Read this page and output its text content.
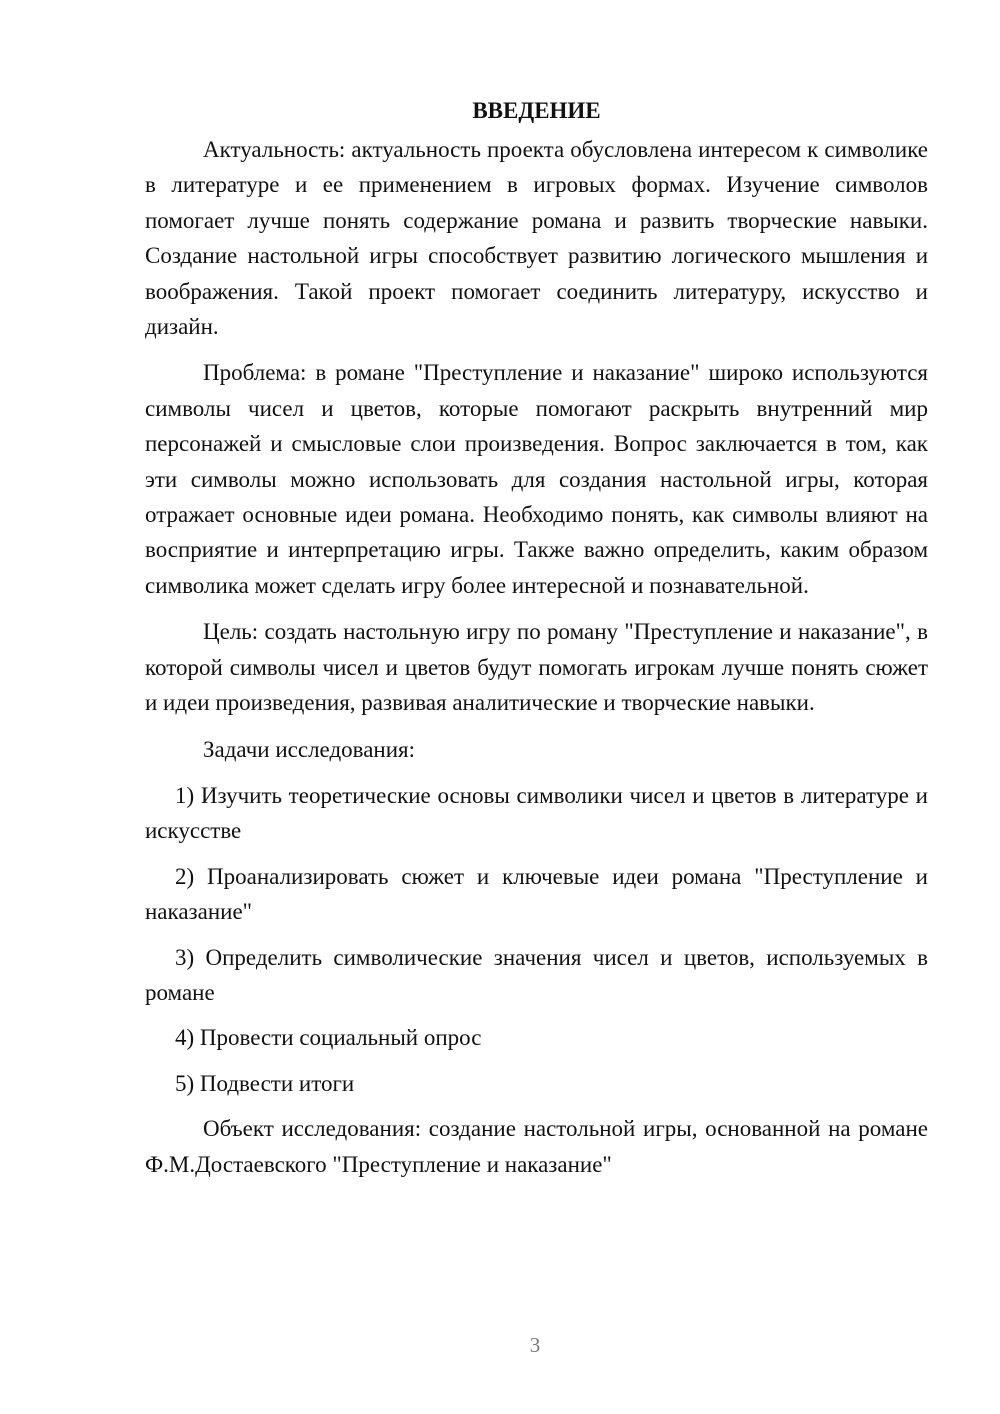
ВВЕДЕНИЕ

Актуальность: актуальность проекта обусловлена интересом к символике в литературе и ее применением в игровых формах. Изучение символов помогает лучше понять содержание романа и развить творческие навыки. Создание настольной игры способствует развитию логического мышления и воображения. Такой проект помогает соединить литературу, искусство и дизайн.

Проблема: в романе "Преступление и наказание" широко используются символы чисел и цветов, которые помогают раскрыть внутренний мир персонажей и смысловые слои произведения. Вопрос заключается в том, как эти символы можно использовать для создания настольной игры, которая отражает основные идеи романа. Необходимо понять, как символы влияют на восприятие и интерпретацию игры. Также важно определить, каким образом символика может сделать игру более интересной и познавательной.

Цель: создать настольную игру по роману "Преступление и наказание", в которой символы чисел и цветов будут помогать игрокам лучше понять сюжет и идеи произведения, развивая аналитические и творческие навыки.

Задачи исследования:

1) Изучить теоретические основы символики чисел и цветов в литературе и искусстве

2) Проанализировать сюжет и ключевые идеи романа "Преступление и наказание"

3) Определить символические значения чисел и цветов, используемых в романе

4) Провести социальный опрос

5) Подвести итоги

Объект исследования: создание настольной игры, основанной на романе Ф.М.Достаевского "Преступление и наказание"

3
